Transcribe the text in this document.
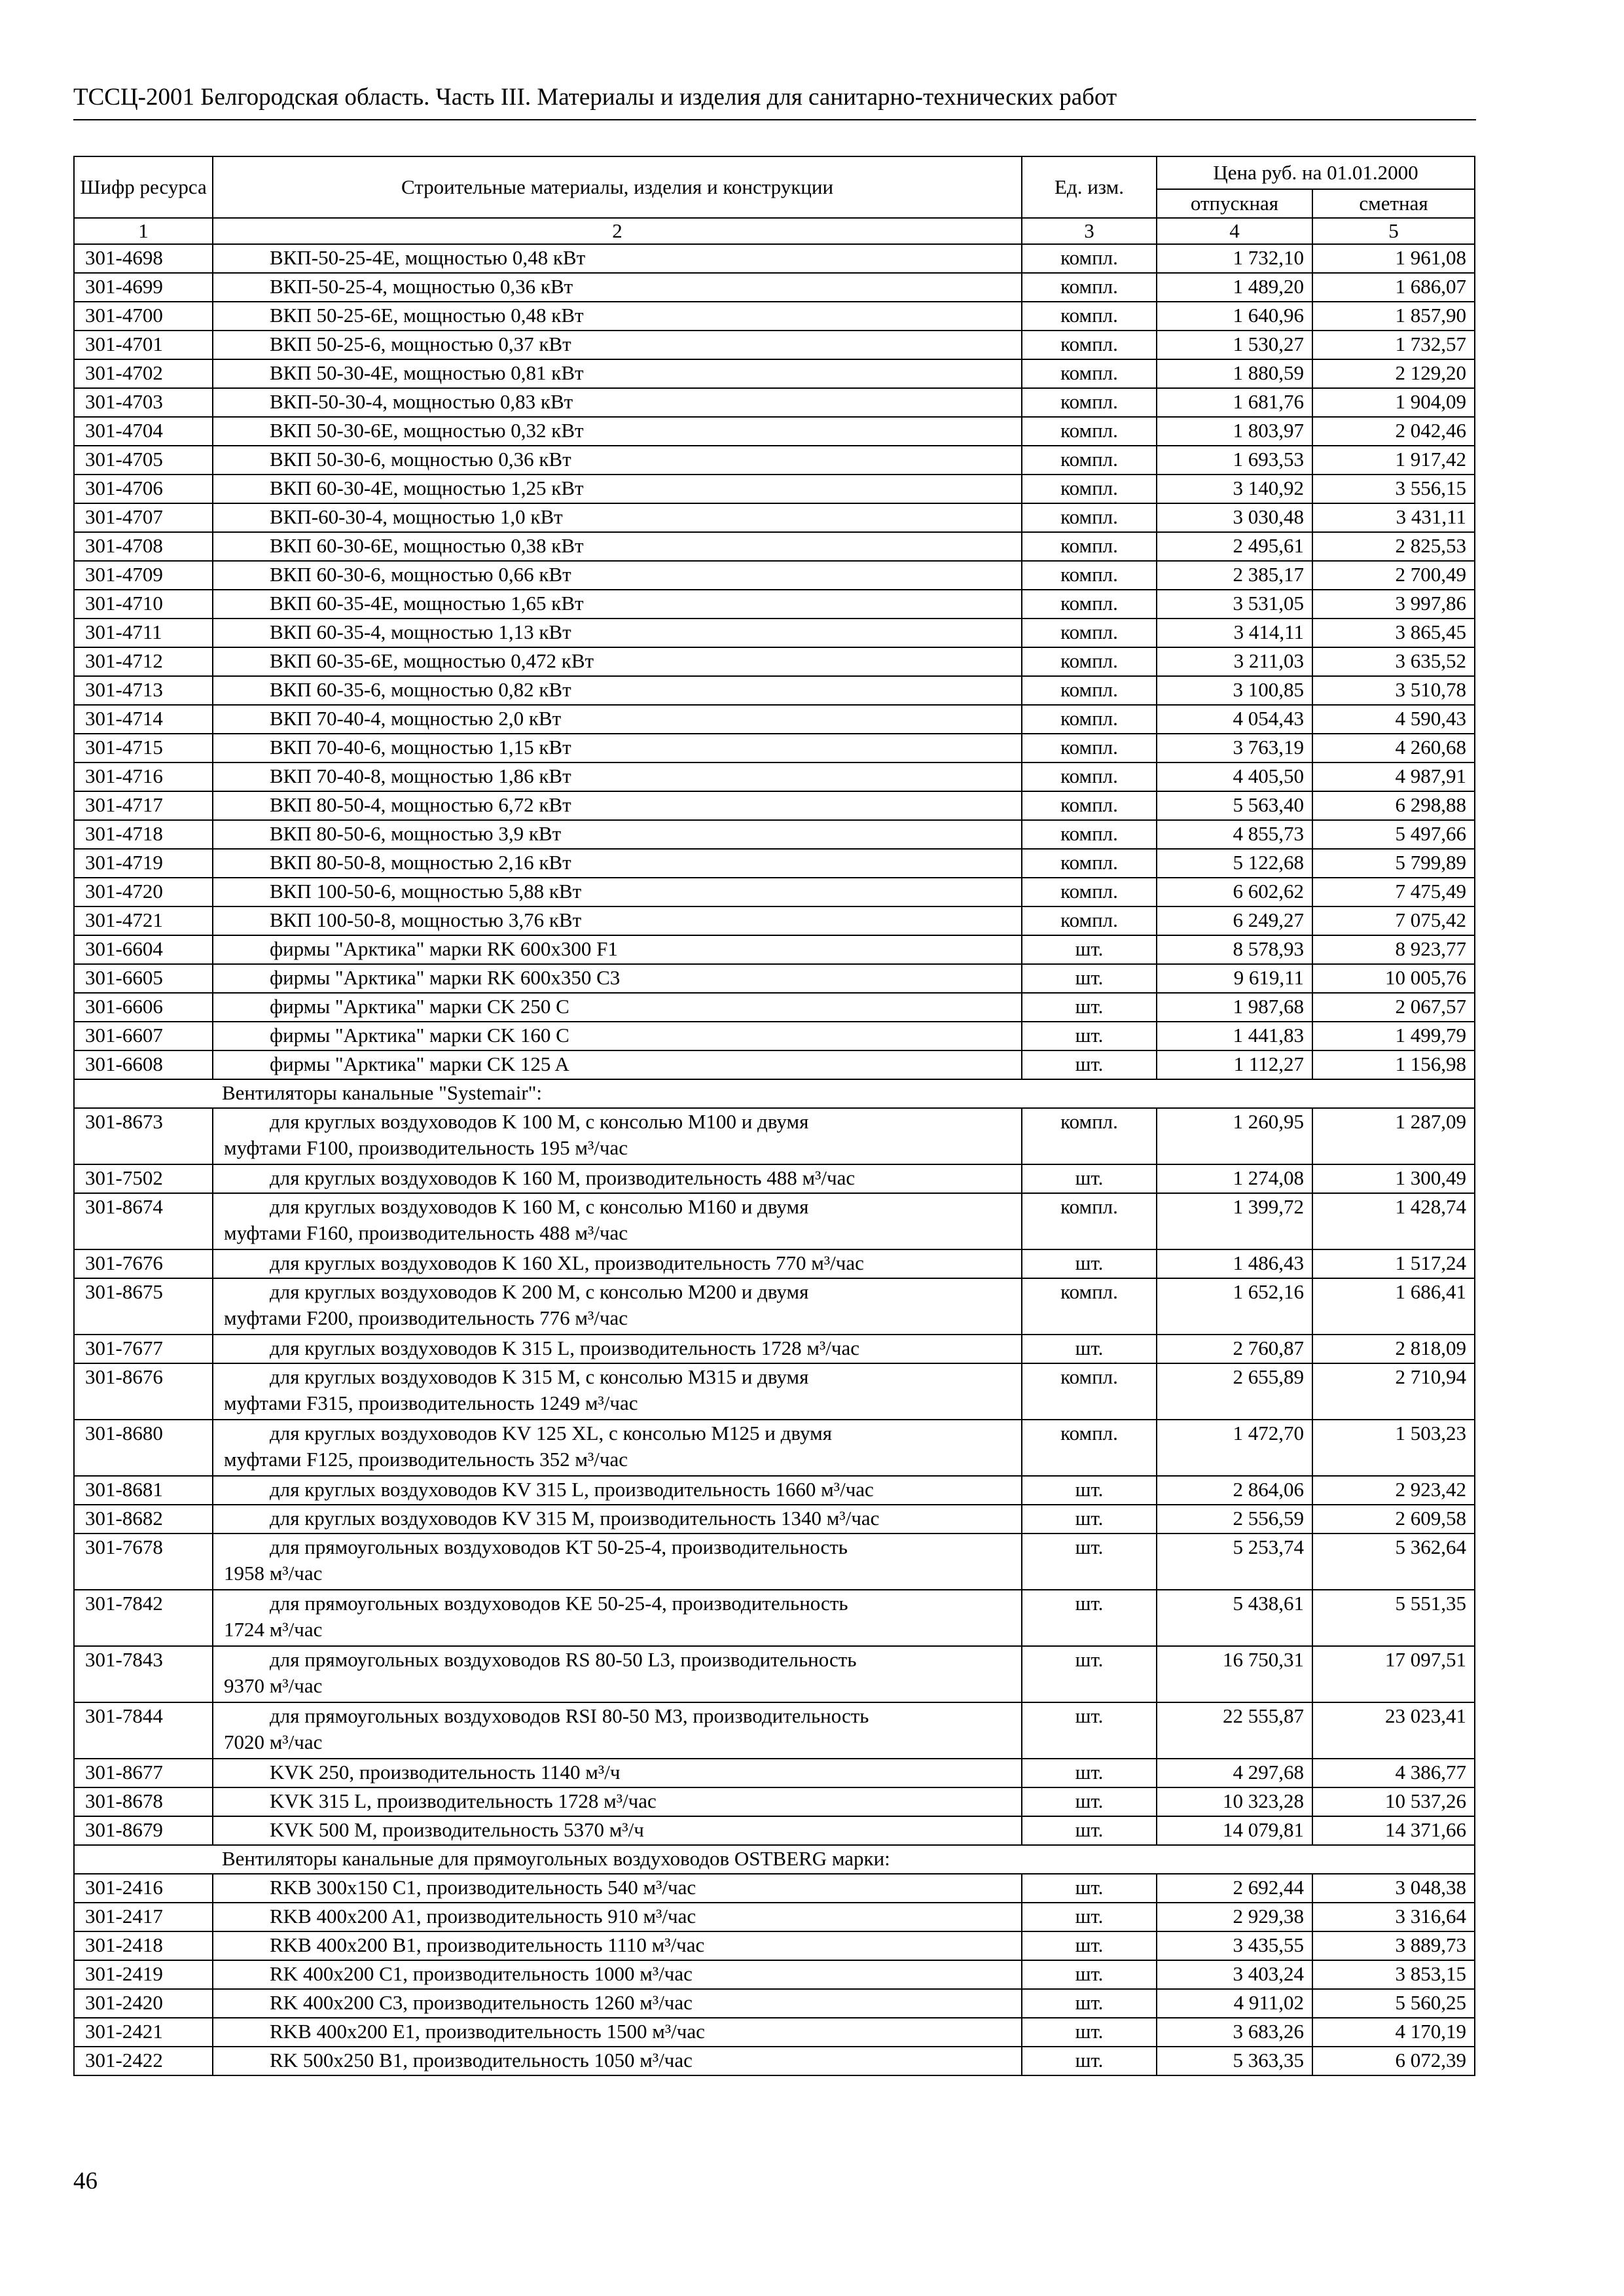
ТССЦ-2001 Белгородская область. Часть III. Материалы и изделия для санитарно-технических работ
Шифр ресурса	Строительные материалы, изделия и конструкции	Ед. изм.	Цена руб. на 01.01.2000	
			отпускная	сметная
1	2	3	4	5
301-4698	ВКП-50-25-4Е, мощностью 0,48 кВт	компл.	1 732,10	1 961,08
301-4699	ВКП-50-25-4, мощностью 0,36 кВт	компл.	1 489,20	1 686,07
301-4700	ВКП 50-25-6Е, мощностью 0,48 кВт	компл.	1 640,96	1 857,90
301-4701	ВКП 50-25-6, мощностью 0,37 кВт	компл.	1 530,27	1 732,57
301-4702	ВКП 50-30-4Е, мощностью 0,81 кВт	компл.	1 880,59	2 129,20
301-4703	ВКП-50-30-4, мощностью 0,83 кВт	компл.	1 681,76	1 904,09
301-4704	ВКП 50-30-6Е, мощностью 0,32 кВт	компл.	1 803,97	2 042,46
301-4705	ВКП 50-30-6, мощностью 0,36 кВт	компл.	1 693,53	1 917,42
301-4706	ВКП 60-30-4Е, мощностью 1,25 кВт	компл.	3 140,92	3 556,15
301-4707	ВКП-60-30-4, мощностью 1,0 кВт	компл.	3 030,48	3 431,11
301-4708	ВКП 60-30-6Е, мощностью 0,38 кВт	компл.	2 495,61	2 825,53
301-4709	ВКП 60-30-6, мощностью 0,66 кВт	компл.	2 385,17	2 700,49
301-4710	ВКП 60-35-4Е, мощностью 1,65 кВт	компл.	3 531,05	3 997,86
301-4711	ВКП 60-35-4, мощностью 1,13 кВт	компл.	3 414,11	3 865,45
301-4712	ВКП 60-35-6Е, мощностью 0,472 кВт	компл.	3 211,03	3 635,52
301-4713	ВКП 60-35-6, мощностью 0,82 кВт	компл.	3 100,85	3 510,78
301-4714	ВКП 70-40-4, мощностью 2,0 кВт	компл.	4 054,43	4 590,43
301-4715	ВКП 70-40-6, мощностью 1,15 кВт	компл.	3 763,19	4 260,68
301-4716	ВКП 70-40-8, мощностью 1,86 кВт	компл.	4 405,50	4 987,91
301-4717	ВКП 80-50-4, мощностью 6,72 кВт	компл.	5 563,40	6 298,88
301-4718	ВКП 80-50-6, мощностью 3,9 кВт	компл.	4 855,73	5 497,66
301-4719	ВКП 80-50-8, мощностью 2,16 кВт	компл.	5 122,68	5 799,89
301-4720	ВКП 100-50-6, мощностью 5,88 кВт	компл.	6 602,62	7 475,49
301-4721	ВКП 100-50-8, мощностью 3,76 кВт	компл.	6 249,27	7 075,42
301-6604	фирмы "Арктика" марки RK 600x300 F1	шт.	8 578,93	8 923,77
301-6605	фирмы "Арктика" марки RK 600x350 C3	шт.	9 619,11	10 005,76
301-6606	фирмы "Арктика" марки CK 250 C	шт.	1 987,68	2 067,57
301-6607	фирмы "Арктика" марки CK 160 C	шт.	1 441,83	1 499,79
301-6608	фирмы "Арктика" марки CK 125 A	шт.	1 112,27	1 156,98
Вентиляторы канальные "Systemair":				
301-8673	для круглых воздуховодов K 100 M, с консолью M100 и двумя
муфтами F100, производительность 195 м³/час	компл.	1 260,95	1 287,09
301-7502	для круглых воздуховодов K 160 M, производительность 488 м³/час	шт.	1 274,08	1 300,49
301-8674	для круглых воздуховодов K 160 M, с консолью M160 и двумя
муфтами F160, производительность 488 м³/час	компл.	1 399,72	1 428,74
301-7676	для круглых воздуховодов K 160 XL, производительность 770 м³/час	шт.	1 486,43	1 517,24
301-8675	для круглых воздуховодов K 200 M, с консолью M200 и двумя
муфтами F200, производительность 776 м³/час	компл.	1 652,16	1 686,41
301-7677	для круглых воздуховодов K 315 L, производительность 1728 м³/час	шт.	2 760,87	2 818,09
301-8676	для круглых воздуховодов K 315 M, с консолью M315 и двумя
муфтами F315, производительность 1249 м³/час	компл.	2 655,89	2 710,94
301-8680	для круглых воздуховодов KV 125 XL, с консолью M125 и двумя
муфтами F125, производительность 352 м³/час	компл.	1 472,70	1 503,23
301-8681	для круглых воздуховодов KV 315 L, производительность 1660 м³/час	шт.	2 864,06	2 923,42
301-8682	для круглых воздуховодов KV 315 M, производительность 1340 м³/час	шт.	2 556,59	2 609,58
301-7678	для прямоугольных воздуховодов KT 50-25-4, производительность
1958 м³/час	шт.	5 253,74	5 362,64
301-7842	для прямоугольных воздуховодов KE 50-25-4, производительность
1724 м³/час	шт.	5 438,61	5 551,35
301-7843	для прямоугольных воздуховодов RS 80-50 L3, производительность
9370 м³/час	шт.	16 750,31	17 097,51
301-7844	для прямоугольных воздуховодов RSI 80-50 M3, производительность
7020 м³/час	шт.	22 555,87	23 023,41
301-8677	KVK 250, производительность 1140 м³/ч	шт.	4 297,68	4 386,77
301-8678	KVK 315 L, производительность 1728 м³/час	шт.	10 323,28	10 537,26
301-8679	KVK 500 M, производительность 5370 м³/ч	шт.	14 079,81	14 371,66
Вентиляторы канальные для прямоугольных воздуховодов OSTBERG марки:				
301-2416	RKB 300x150 C1, производительность 540 м³/час	шт.	2 692,44	3 048,38
301-2417	RKB 400x200 A1, производительность 910 м³/час	шт.	2 929,38	3 316,64
301-2418	RKB 400x200 B1, производительность 1110 м³/час	шт.	3 435,55	3 889,73
301-2419	RK 400x200 C1, производительность 1000 м³/час	шт.	3 403,24	3 853,15
301-2420	RK 400x200 C3, производительность 1260 м³/час	шт.	4 911,02	5 560,25
301-2421	RKB 400x200 E1, производительность 1500 м³/час	шт.	3 683,26	4 170,19
301-2422	RK 500x250 B1, производительность 1050 м³/час	шт.	5 363,35	6 072,39
46
